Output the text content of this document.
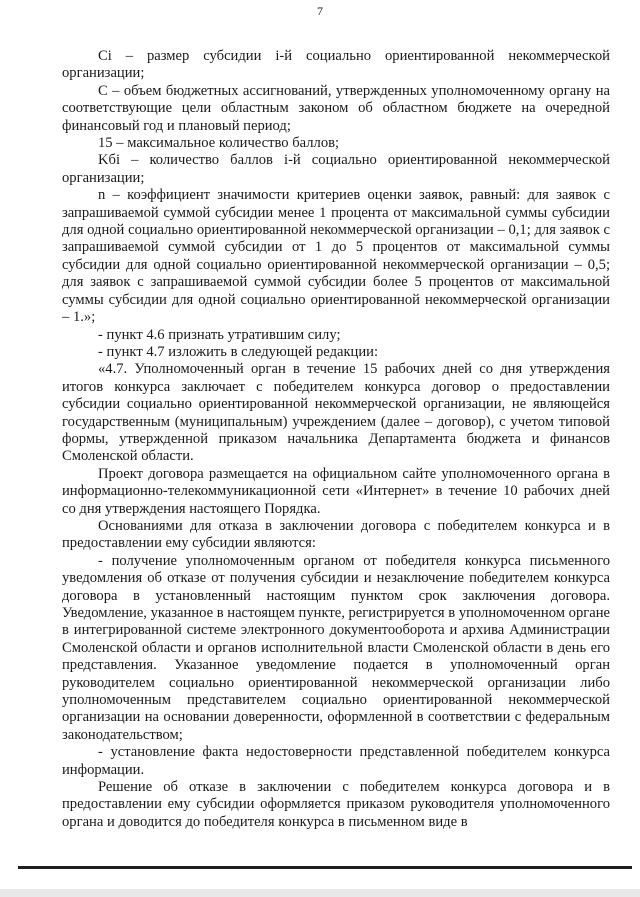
7

Ci – размер субсидии i-й социально ориентированной некоммерческой организации;

С – объем бюджетных ассигнований, утвержденных уполномоченному органу на соответствующие цели областным законом об областном бюджете на очередной финансовый год и плановый период;

15 – максимальное количество баллов;

Kбi – количество баллов i-й социально ориентированной некоммерческой организации;

n – коэффициент значимости критериев оценки заявок, равный: для заявок с запрашиваемой суммой субсидии менее 1 процента от максимальной суммы субсидии для одной социально ориентированной некоммерческой организации – 0,1; для заявок с запрашиваемой суммой субсидии от 1 до 5 процентов от максимальной суммы субсидии для одной социально ориентированной некоммерческой организации – 0,5; для заявок с запрашиваемой суммой субсидии более 5 процентов от максимальной суммы субсидии для одной социально ориентированной некоммерческой организации – 1.»;

- пункт 4.6 признать утратившим силу;

- пункт 4.7 изложить в следующей редакции:

«4.7. Уполномоченный орган в течение 15 рабочих дней со дня утверждения итогов конкурса заключает с победителем конкурса договор о предоставлении субсидии социально ориентированной некоммерческой организации, не являющейся государственным (муниципальным) учреждением (далее – договор), с учетом типовой формы, утвержденной приказом начальника Департамента бюджета и финансов Смоленской области.

Проект договора размещается на официальном сайте уполномоченного органа в информационно-телекоммуникационной сети «Интернет» в течение 10 рабочих дней со дня утверждения настоящего Порядка.

Основаниями для отказа в заключении договора с победителем конкурса и в предоставлении ему субсидии являются:

- получение уполномоченным органом от победителя конкурса письменного уведомления об отказе от получения субсидии и незаключение победителем конкурса договора в установленный настоящим пунктом срок заключения договора. Уведомление, указанное в настоящем пункте, регистрируется в уполномоченном органе в интегрированной системе электронного документооборота и архива Администрации Смоленской области и органов исполнительной власти Смоленской области в день его представления. Указанное уведомление подается в уполномоченный орган руководителем социально ориентированной некоммерческой организации либо уполномоченным представителем социально ориентированной некоммерческой организации на основании доверенности, оформленной в соответствии с федеральным законодательством;

- установление факта недостоверности представленной победителем конкурса информации.

Решение об отказе в заключении с победителем конкурса договора и в предоставлении ему субсидии оформляется приказом руководителя уполномоченного органа и доводится до победителя конкурса в письменном виде в
